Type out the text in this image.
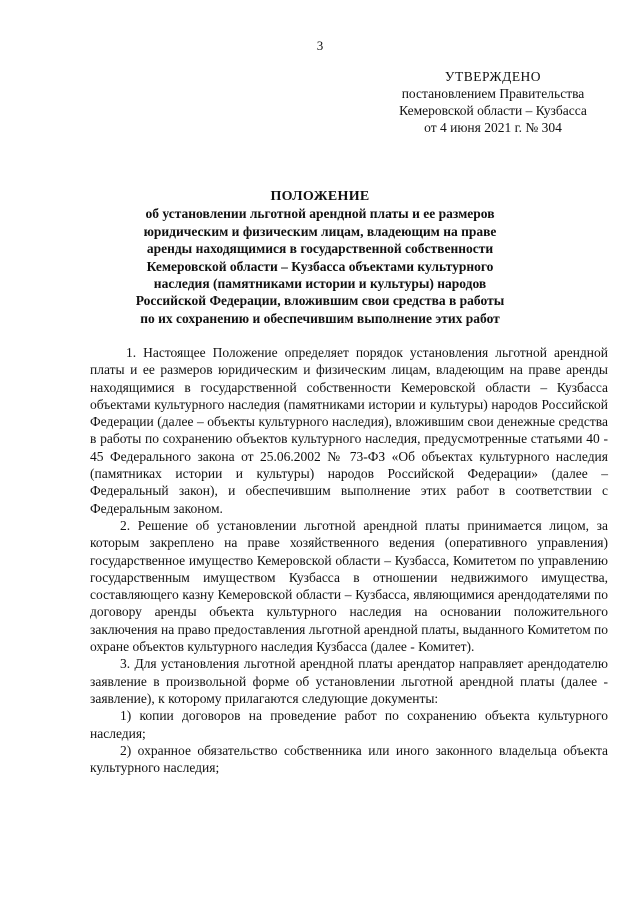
3
УТВЕРЖДЕНО
постановлением Правительства
Кемеровской области – Кузбасса
от 4 июня 2021 г. № 304
ПОЛОЖЕНИЕ
об установлении льготной арендной платы и ее размеров
юридическим и физическим лицам, владеющим на праве
аренды находящимися в государственной собственности
Кемеровской области – Кузбасса объектами культурного
наследия (памятниками истории и культуры) народов
Российской Федерации, вложившим свои средства в работы
по их сохранению и обеспечившим выполнение этих работ

1. Настоящее Положение определяет порядок установления льготной арендной платы и ее размеров юридическим и физическим лицам, владеющим на праве аренды находящимися в государственной собственности Кемеровской области – Кузбасса объектами культурного наследия (памятниками истории и культуры) народов Российской Федерации (далее – объекты культурного наследия), вложившим свои денежные средства в работы по сохранению объектов культурного наследия, предусмотренные статьями 40 - 45 Федерального закона от 25.06.2002 № 73-ФЗ «Об объектах культурного наследия (памятниках истории и культуры) народов Российской Федерации» (далее – Федеральный закон), и обеспечившим выполнение этих работ в соответствии с Федеральным законом.

2. Решение об установлении льготной арендной платы принимается лицом, за которым закреплено на праве хозяйственного ведения (оперативного управления) государственное имущество Кемеровской области – Кузбасса, Комитетом по управлению государственным имуществом Кузбасса в отношении недвижимого имущества, составляющего казну Кемеровской области – Кузбасса, являющимися арендодателями по договору аренды объекта культурного наследия на основании положительного заключения на право предоставления льготной арендной платы, выданного Комитетом по охране объектов культурного наследия Кузбасса (далее - Комитет).

3. Для установления льготной арендной платы арендатор направляет арендодателю заявление в произвольной форме об установлении льготной арендной платы (далее - заявление), к которому прилагаются следующие документы:

1) копии договоров на проведение работ по сохранению объекта культурного наследия;

2) охранное обязательство собственника или иного законного владельца объекта культурного наследия;
